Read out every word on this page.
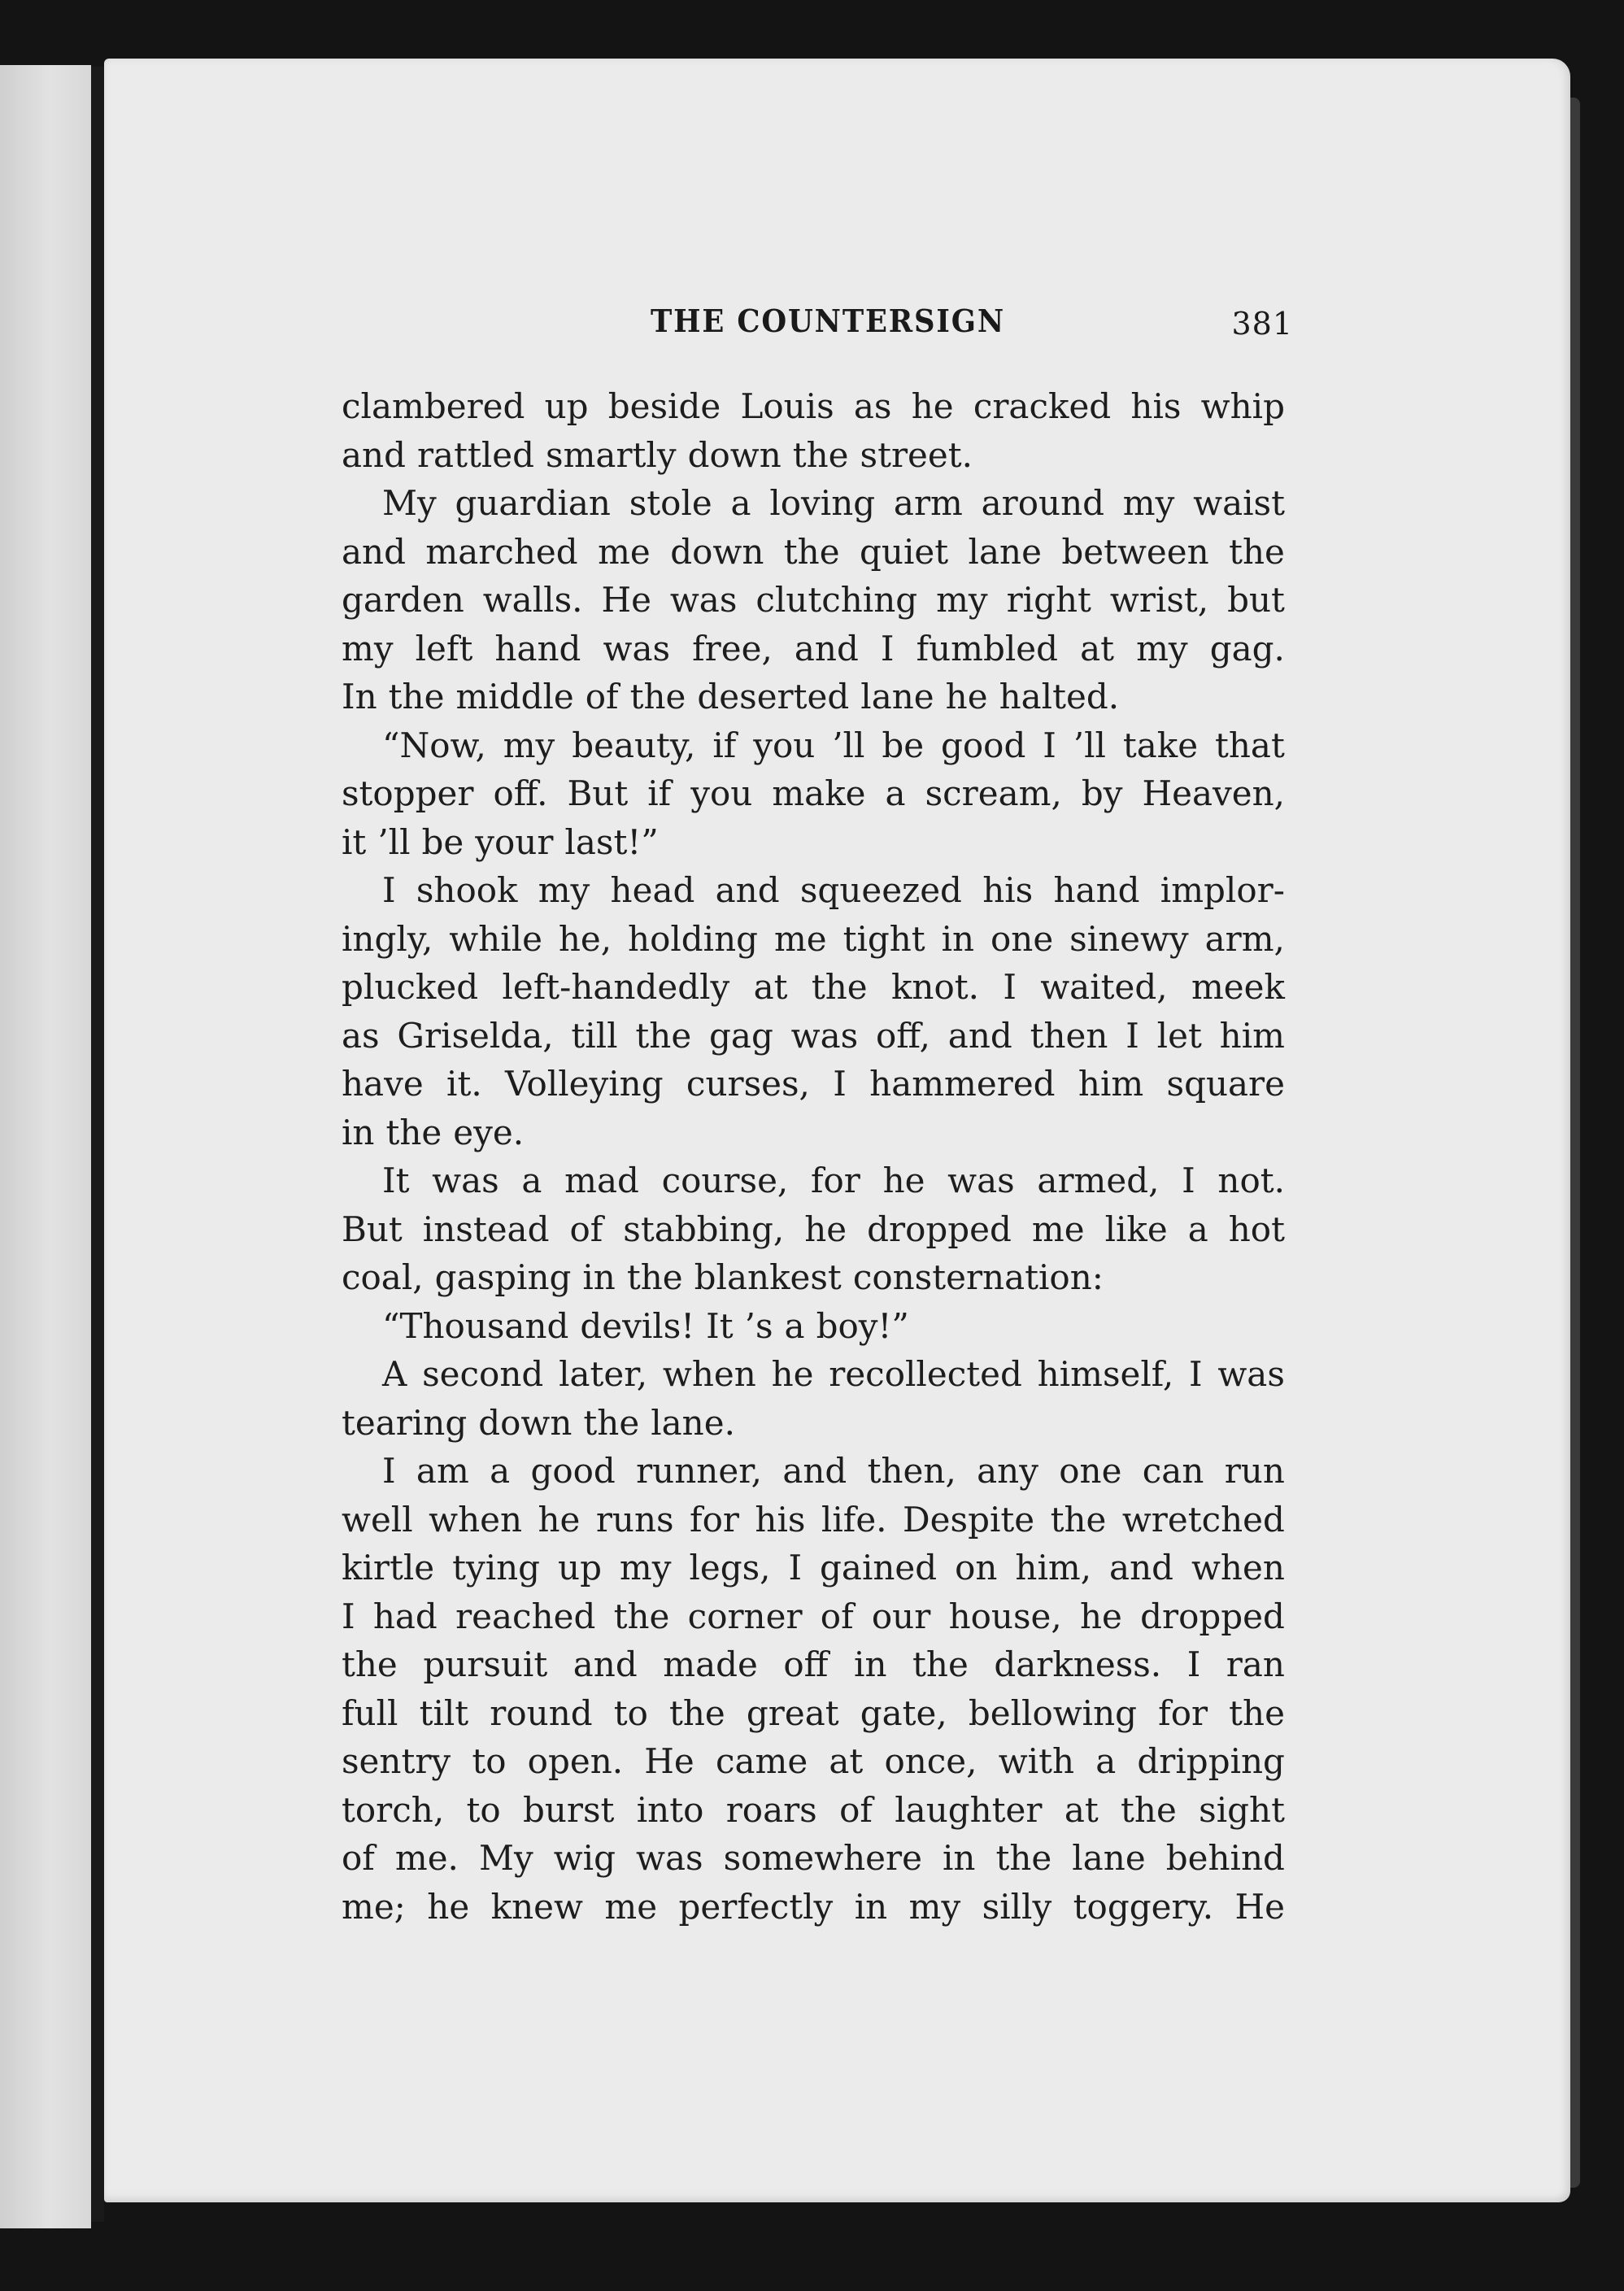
THE COUNTERSIGN	381
clambered up beside Louis as he cracked his whip
and rattled smartly down the street.
My guardian stole a loving arm around my waist
and marched me down the quiet lane between the
garden walls. He was clutching my right wrist, but
my left hand was free, and I fumbled at my gag.
In the middle of the deserted lane he halted.
“Now, my beauty, if you ’ll be good I ’ll take that
stopper off. But if you make a scream, by Heaven,
it ’ll be your last!”
I shook my head and squeezed his hand implor-
ingly, while he, holding me tight in one sinewy arm,
plucked left-handedly at the knot. I waited, meek
as Griselda, till the gag was off, and then I let him
have it. Volleying curses, I hammered him square
in the eye.
It was a mad course, for he was armed, I not.
But instead of stabbing, he dropped me like a hot
coal, gasping in the blankest consternation:
“Thousand devils! It ’s a boy!”
A second later, when he recollected himself, I was
tearing down the lane.
I am a good runner, and then, any one can run
well when he runs for his life. Despite the wretched
kirtle tying up my legs, I gained on him, and when
I had reached the corner of our house, he dropped
the pursuit and made off in the darkness. I ran
full tilt round to the great gate, bellowing for the
sentry to open. He came at once, with a dripping
torch, to burst into roars of laughter at the sight
of me. My wig was somewhere in the lane behind
me; he knew me perfectly in my silly toggery. He
